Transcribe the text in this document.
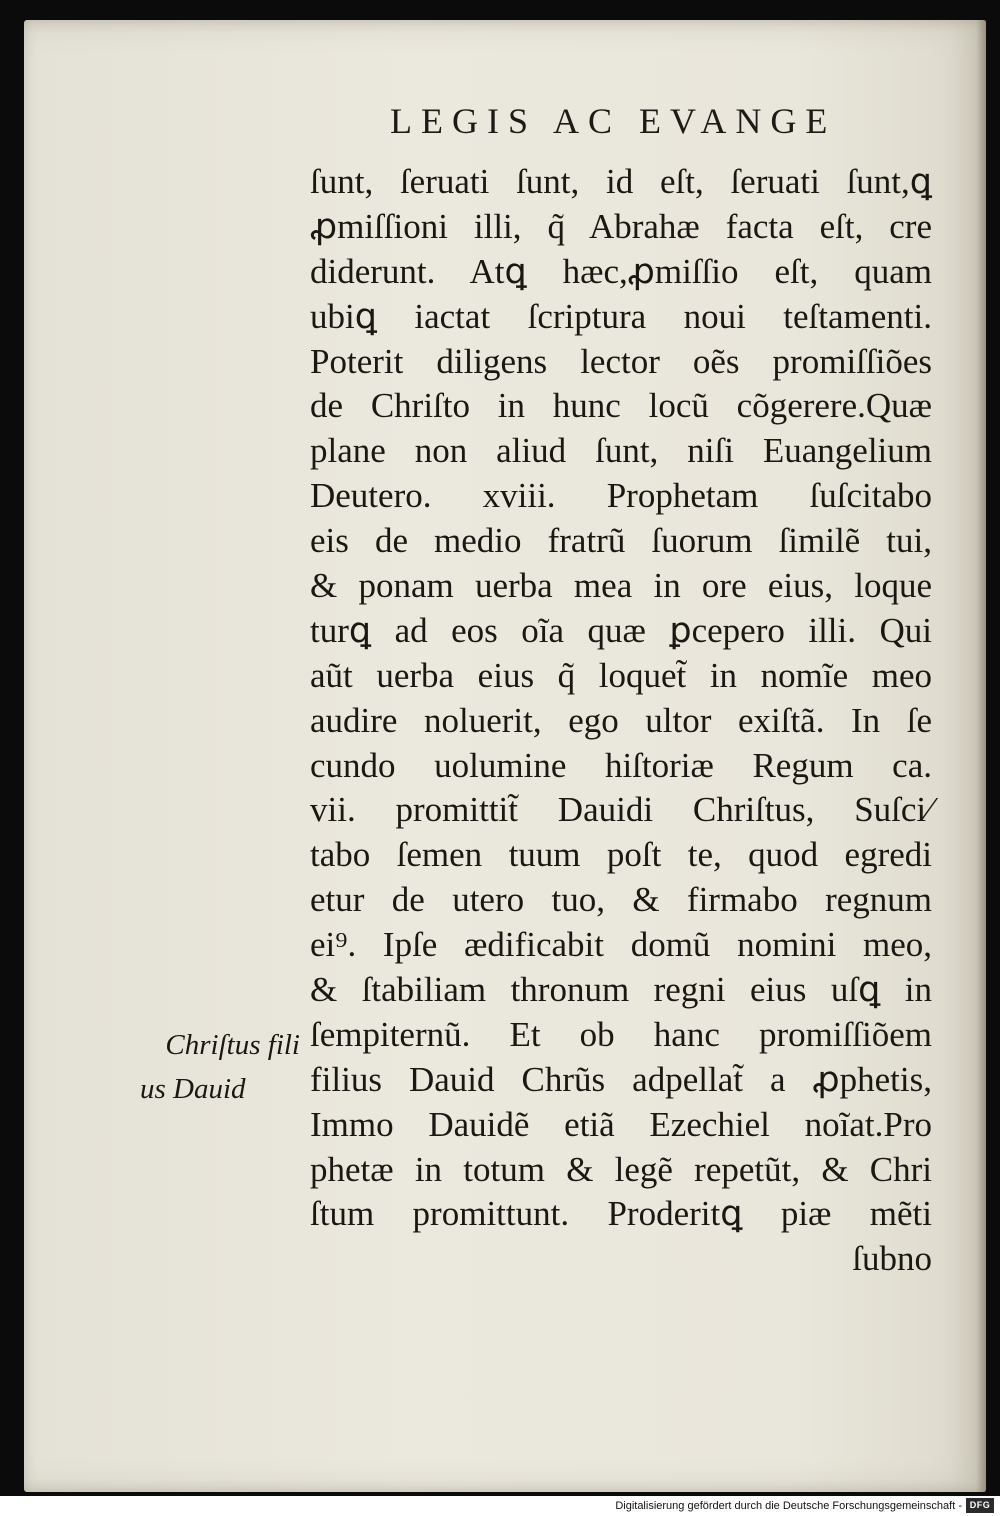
LEGIS AC EVANGE
ſunt, ſeruati ſunt, id eſt, ſeruati ſunt,ꝗ
ꝓmiſſioni illi, q̃ Abrahæ facta eſt, cre
diderunt. Atꝗ hæc,ꝓmiſſio eſt, quam
ubiꝗ iactat ſcriptura noui teſtamenti.
Poterit diligens lector oẽs promiſſiões
de Chriſto in hunc locũ cõgerere.Quæ
plane non aliud ſunt, niſi Euangelium
Deutero. xviii. Prophetam ſuſcitabo
eis de medio fratrũ ſuorum ſimilẽ tui,
& ponam uerba mea in ore eius, loque
turꝗ ad eos oĩa quæ ꝑcepero illi. Qui
aũt uerba eius q̃ loquet̃ in nomĩe meo
audire noluerit, ego ultor exiſtã. In ſe
cundo uolumine hiſtoriæ Regum ca.
vii. promittit̃ Dauidi Chriſtus, Suſci⁄
tabo ſemen tuum poſt te, quod egredi
etur de utero tuo, & firmabo regnum
ei⁹. Ipſe ædificabit domũ nomini meo,
& ſtabiliam thronum regni eius uſꝗ in
ſempiternũ. Et ob hanc promiſſiõem
filius Dauid Chrũs adpellat̃ a ꝓphetis,
Immo Dauidẽ etiã Ezechiel noĩat.Pro
phetæ in totum & legẽ repetũt, & Chri
ſtum promittunt. Proderitꝗ piæ mẽti
ſubno
Chriſtus fili
us Dauid
Digitalisierung gefördert durch die Deutsche Forschungsgemeinschaft - DFG
